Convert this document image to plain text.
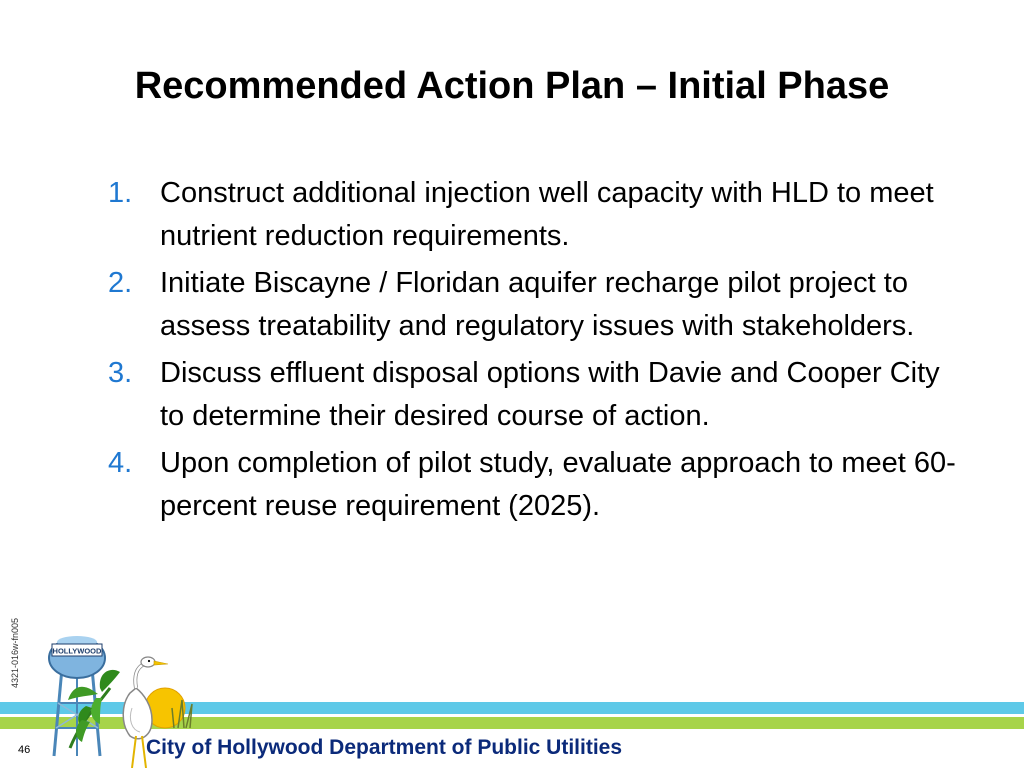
Recommended Action Plan – Initial Phase
1. Construct additional injection well capacity with HLD to meet nutrient reduction requirements.
2. Initiate Biscayne / Floridan aquifer recharge pilot project to assess treatability and regulatory issues with stakeholders.
3. Discuss effluent disposal options with Davie and Cooper City to determine their desired course of action.
4. Upon completion of pilot study, evaluate approach to meet 60-percent reuse requirement (2025).
4321-016w-fn005	HOLLYWOOD
City of Hollywood Department of Public Utilities
46
